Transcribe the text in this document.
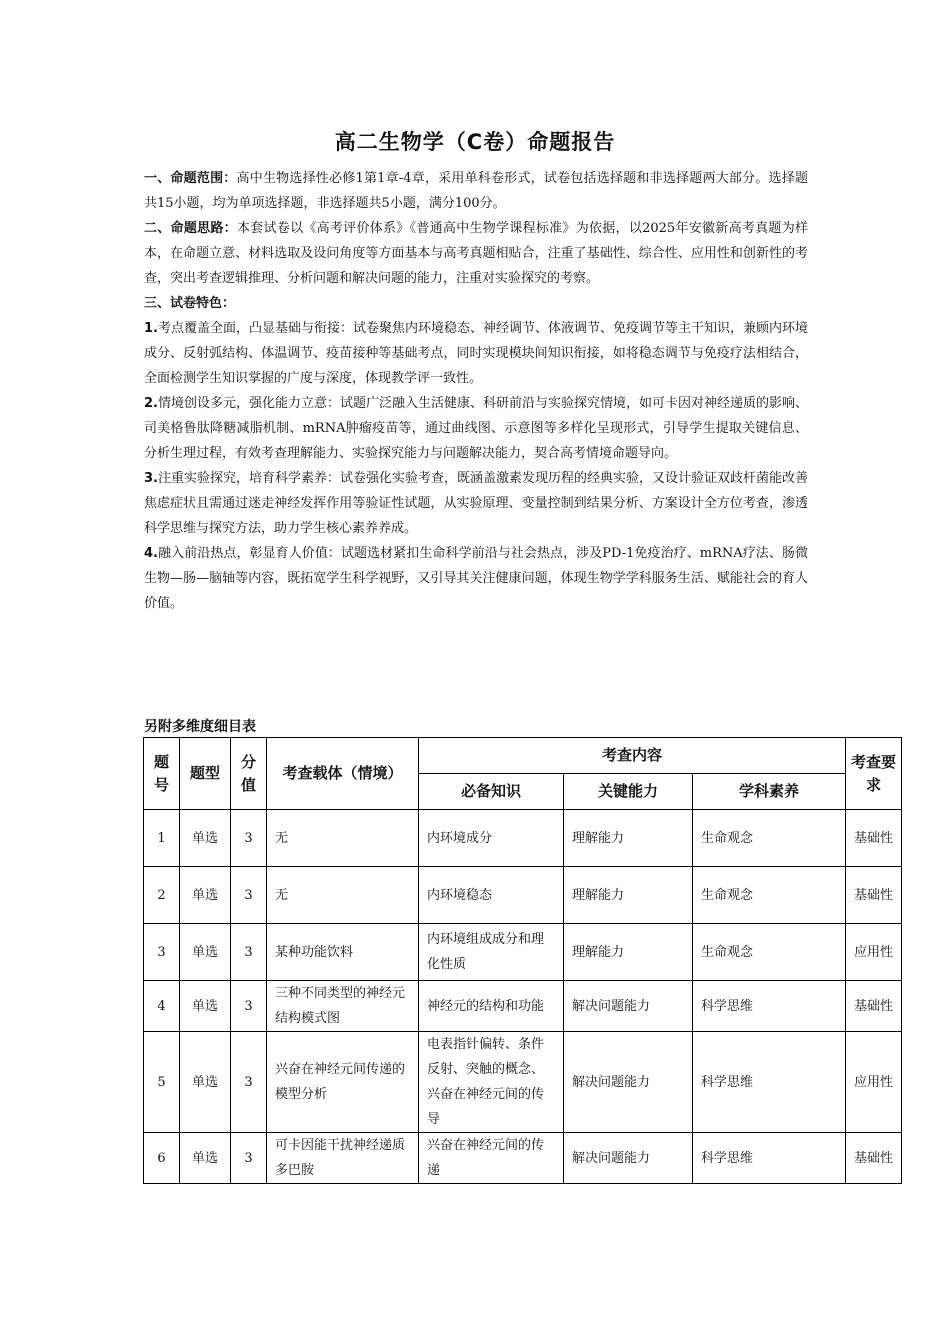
高二生物学（C卷）命题报告

一、命题范围：高中生物选择性必修1第1章-4章，采用单科卷形式，试卷包括选择题和非选择题两大部分。选择题共15小题，均为单项选择题，非选择题共5小题，满分100分。

二、命题思路：本套试卷以《高考评价体系》《普通高中生物学课程标准》为依据，以2025年安徽新高考真题为样本，在命题立意、材料选取及设问角度等方面基本与高考真题相贴合，注重了基础性、综合性、应用性和创新性的考查，突出考查逻辑推理、分析问题和解决问题的能力，注重对实验探究的考察。

三、试卷特色：

1.考点覆盖全面，凸显基础与衔接：试卷聚焦内环境稳态、神经调节、体液调节、免疫调节等主干知识，兼顾内环境成分、反射弧结构、体温调节、疫苗接种等基础考点，同时实现模块间知识衔接，如将稳态调节与免疫疗法相结合，全面检测学生知识掌握的广度与深度，体现教学评一致性。

2.情境创设多元，强化能力立意：试题广泛融入生活健康、科研前沿与实验探究情境，如可卡因对神经递质的影响、司美格鲁肽降糖减脂机制、mRNA肿瘤疫苗等，通过曲线图、示意图等多样化呈现形式，引导学生提取关键信息、分析生理过程，有效考查理解能力、实验探究能力与问题解决能力，契合高考情境命题导向。

3.注重实验探究，培育科学素养：试卷强化实验考查，既涵盖激素发现历程的经典实验，又设计验证双歧杆菌能改善焦虑症状且需通过迷走神经发挥作用等验证性试题，从实验原理、变量控制到结果分析、方案设计全方位考查，渗透科学思维与探究方法，助力学生核心素养养成。

4.融入前沿热点，彰显育人价值：试题选材紧扣生命科学前沿与社会热点，涉及PD-1免疫治疗、mRNA疗法、肠微生物—肠—脑轴等内容，既拓宽学生科学视野，又引导其关注健康问题，体现生物学学科服务生活、赋能社会的育人价值。

另附多维度细目表
题号	题型	分值	考查载体（情境）	考查内容			考查要求
				必备知识	关键能力	学科素养	
1	单选	3	无	内环境成分	理解能力	生命观念	基础性
2	单选	3	无	内环境稳态	理解能力	生命观念	基础性
3	单选	3	某种功能饮料	内环境组成成分和理化性质	理解能力	生命观念	应用性
4	单选	3	三种不同类型的神经元结构模式图	神经元的结构和功能	解决问题能力	科学思维	基础性
5	单选	3	兴奋在神经元间传递的模型分析	电表指针偏转、条件反射、突触的概念、兴奋在神经元间的传导	解决问题能力	科学思维	应用性
6	单选	3	可卡因能干扰神经递质多巴胺	兴奋在神经元间的传递	解决问题能力	科学思维	基础性
